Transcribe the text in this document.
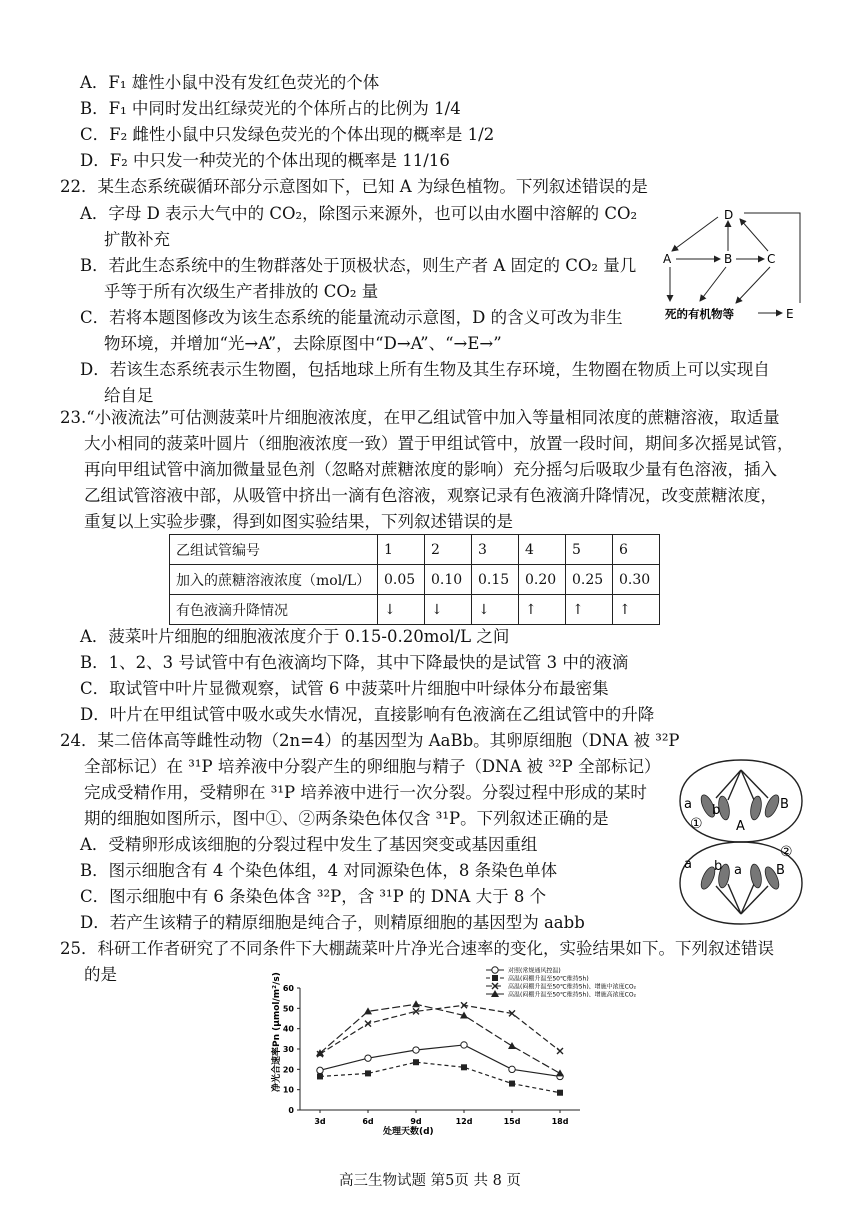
A．F₁ 雄性小鼠中没有发红色荧光的个体
B．F₁ 中同时发出红绿荧光的个体所占的比例为 1/4
C．F₂ 雌性小鼠中只发绿色荧光的个体出现的概率是 1/2
D．F₂ 中只发一种荧光的个体出现的概率是 11/16
22．某生态系统碳循环部分示意图如下，已知 A 为绿色植物。下列叙述错误的是
A．字母 D 表示大气中的 CO₂，除图示来源外，也可以由水圈中溶解的 CO₂
扩散补充
B．若此生态系统中的生物群落处于顶极状态，则生产者 A 固定的 CO₂ 量几
乎等于所有次级生产者排放的 CO₂ 量
C．若将本题图修改为该生态系统的能量流动示意图，D 的含义可改为非生
物环境，并增加“光→A”，去除原图中“D→A”、“→E→”
D．若该生态系统表示生物圈，包括地球上所有生物及其生存环境，生物圈在物质上可以实现自
给自足
D
A	B	C
死的有机物等	E
23.“小液流法”可估测菠菜叶片细胞液浓度，在甲乙组试管中加入等量相同浓度的蔗糖溶液，取适量
大小相同的菠菜叶圆片（细胞液浓度一致）置于甲组试管中，放置一段时间，期间多次摇晃试管，
再向甲组试管中滴加微量显色剂（忽略对蔗糖浓度的影响）充分摇匀后吸取少量有色溶液，插入
乙组试管溶液中部，从吸管中挤出一滴有色溶液，观察记录有色液滴升降情况，改变蔗糖浓度，
重复以上实验步骤，得到如图实验结果，下列叙述错误的是
乙组试管编号	1	2	3	4	5	6
加入的蔗糖溶液浓度（mol/L）	0.05	0.10	0.15	0.20	0.25	0.30
有色液滴升降情况	↓	↓	↓	↑	↑	↑
A．菠菜叶片细胞的细胞液浓度介于 0.15-0.20mol/L 之间
B．1、2、3 号试管中有色液滴均下降，其中下降最快的是试管 3 中的液滴
C．取试管中叶片显微观察，试管 6 中菠菜叶片细胞中叶绿体分布最密集
D．叶片在甲组试管中吸水或失水情况，直接影响有色液滴在乙组试管中的升降
24．某二倍体高等雌性动物（2n=4）的基因型为 AaBb。其卵原细胞（DNA 被 ³²P
全部标记）在 ³¹P 培养液中分裂产生的卵细胞与精子（DNA 被 ³²P 全部标记）
完成受精作用，受精卵在 ³¹P 培养液中进行一次分裂。分裂过程中形成的某时
期的细胞如图所示，图中①、②两条染色体仅含 ³¹P。下列叙述正确的是
A．受精卵形成该细胞的分裂过程中发生了基因突变或基因重组
B．图示细胞含有 4 个染色体组，4 对同源染色体，8 条染色单体
C．图示细胞中有 6 条染色体含 ³²P，含 ³¹P 的 DNA 大于 8 个
D．若产生该精子的精原细胞是纯合子，则精原细胞的基因型为 aabb
a b
A
B
①
a b a	B
②
25．科研工作者研究了不同条件下大棚蔬菜叶片净光合速率的变化，实验结果如下。下列叙述错误
的是	对照(常规通风控温)
高温(闷棚升温至50℃维持5h)
高温(闷棚升温至50℃维持5h)、增施中浓度CO₂
高温(闷棚升温至50℃维持5h)、增施高浓度CO₂
0
10
20
30
40
50
60
3d	6d	9d	12d	15d	18d
处理天数(d)
净光合速率Pn (μmol/m²/s)
高三生物试题 第5页 共 8 页
